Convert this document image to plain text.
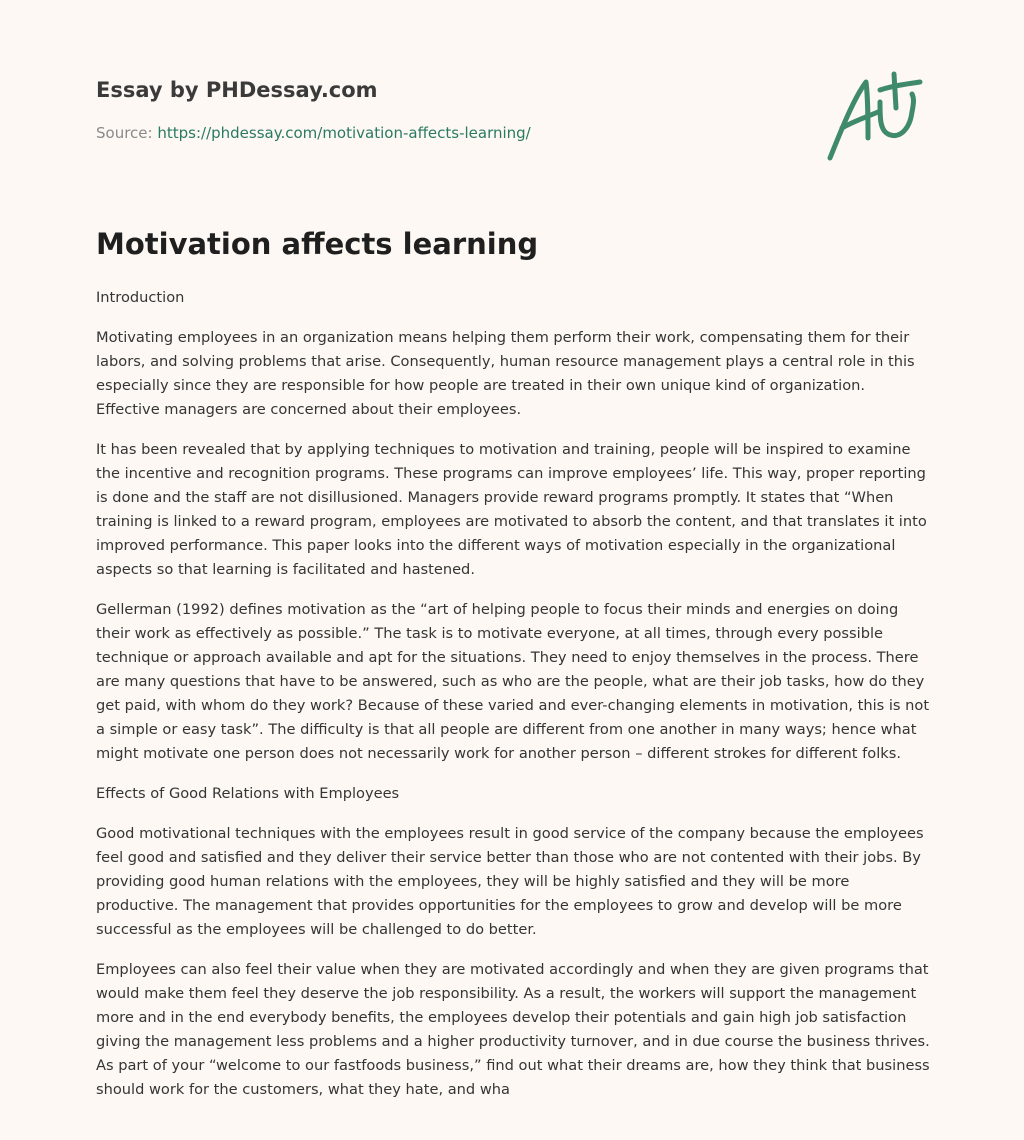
Essay by PHDessay.com

Source: https://phdessay.com/motivation-affects-learning/

Motivation affects learning

Introduction

Motivating employees in an organization means helping them perform their work, compensating them for their labors, and solving problems that arise. Consequently, human resource management plays a central role in this especially since they are responsible for how people are treated in their own unique kind of organization. Effective managers are concerned about their employees.

It has been revealed that by applying techniques to motivation and training, people will be inspired to examine the incentive and recognition programs. These programs can improve employees’ life. This way, proper reporting is done and the staff are not disillusioned. Managers provide reward programs promptly. It states that “When training is linked to a reward program, employees are motivated to absorb the content, and that translates it into improved performance. This paper looks into the different ways of motivation especially in the organizational aspects so that learning is facilitated and hastened.

Gellerman (1992) defines motivation as the “art of helping people to focus their minds and energies on doing their work as effectively as possible.” The task is to motivate everyone, at all times, through every possible technique or approach available and apt for the situations. They need to enjoy themselves in the process. There are many questions that have to be answered, such as who are the people, what are their job tasks, how do they get paid, with whom do they work? Because of these varied and ever-changing elements in motivation, this is not a simple or easy task”. The difficulty is that all people are different from one another in many ways; hence what might motivate one person does not necessarily work for another person – different strokes for different folks.

Effects of Good Relations with Employees

Good motivational techniques with the employees result in good service of the company because the employees feel good and satisfied and they deliver their service better than those who are not contented with their jobs. By providing good human relations with the employees, they will be highly satisfied and they will be more productive. The management that provides opportunities for the employees to grow and develop will be more successful as the employees will be challenged to do better.

Employees can also feel their value when they are motivated accordingly and when they are given programs that would make them feel they deserve the job responsibility. As a result, the workers will support the management more and in the end everybody benefits, the employees develop their potentials and gain high job satisfaction giving the management less problems and a higher productivity turnover, and in due course the business thrives. As part of your “welcome to our fastfoods business,” find out what their dreams are, how they think that business should work for the customers, what they hate, and wha
